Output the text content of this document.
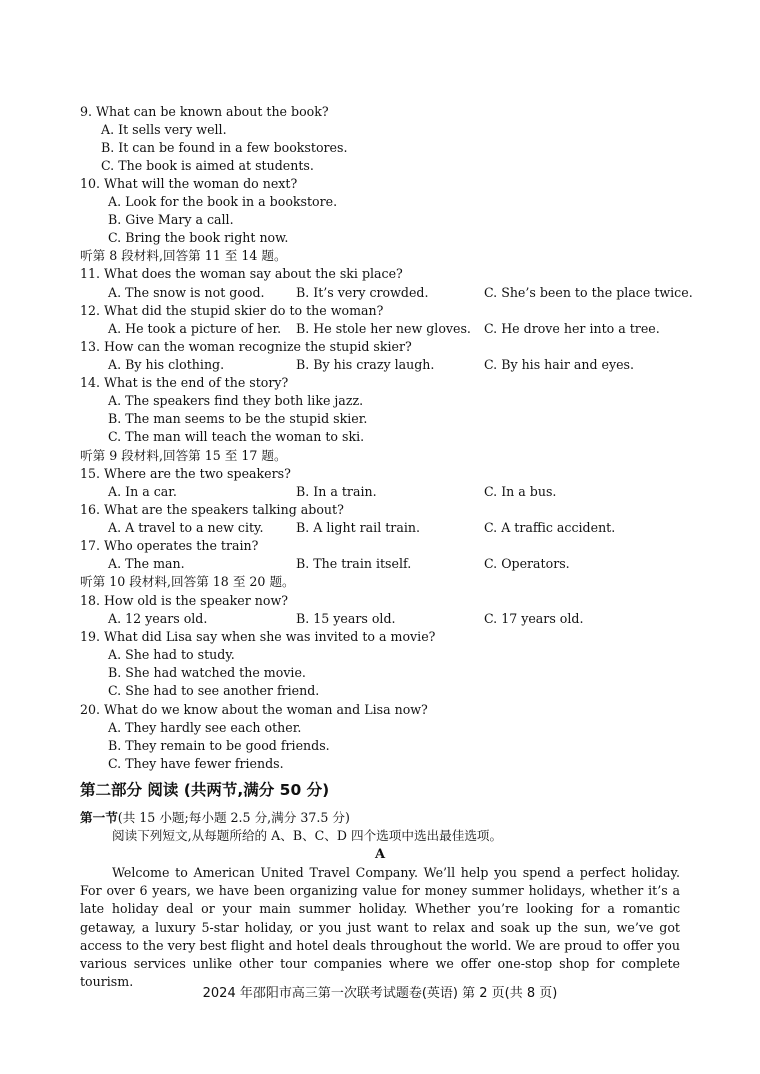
9. What can be known about the book?
A. It sells very well.
B. It can be found in a few bookstores.
C. The book is aimed at students.
10. What will the woman do next?
A. Look for the book in a bookstore.
B. Give Mary a call.
C. Bring the book right now.
听第 8 段材料,回答第 11 至 14 题。
11. What does the woman say about the ski place?
A. The snow is not good.	B. It’s very crowded.	C. She’s been to the place twice.
12. What did the stupid skier do to the woman?
A. He took a picture of her.	B. He stole her new gloves.	C. He drove her into a tree.
13. How can the woman recognize the stupid skier?
A. By his clothing.	B. By his crazy laugh.	C. By his hair and eyes.
14. What is the end of the story?
A. The speakers find they both like jazz.
B. The man seems to be the stupid skier.
C. The man will teach the woman to ski.
听第 9 段材料,回答第 15 至 17 题。
15. Where are the two speakers?
A. In a car.	B. In a train.	C. In a bus.
16. What are the speakers talking about?
A. A travel to a new city.	B. A light rail train.	C. A traffic accident.
17. Who operates the train?
A. The man.	B. The train itself.	C. Operators.
听第 10 段材料,回答第 18 至 20 题。
18. How old is the speaker now?
A. 12 years old.	B. 15 years old.	C. 17 years old.
19. What did Lisa say when she was invited to a movie?
A. She had to study.
B. She had watched the movie.
C. She had to see another friend.
20. What do we know about the woman and Lisa now?
A. They hardly see each other.
B. They remain to be good friends.
C. They have fewer friends.
第二部分 阅读 (共两节,满分 50 分)
第一节(共 15 小题;每小题 2.5 分,满分 37.5 分)
阅读下列短文,从每题所给的 A、B、C、D 四个选项中选出最佳选项。
A
Welcome to American United Travel Company. We’ll help you spend a perfect holiday. For over 6 years, we have been organizing value for money summer holidays, whether it’s a late holiday deal or your main summer holiday. Whether you’re looking for a romantic getaway, a luxury 5-star holiday, or you just want to relax and soak up the sun, we’ve got access to the very best flight and hotel deals throughout the world. We are proud to offer you various services unlike other tour companies where we offer one-stop shop for complete tourism.
2024 年邵阳市高三第一次联考试题卷(英语) 第 2 页(共 8 页)
